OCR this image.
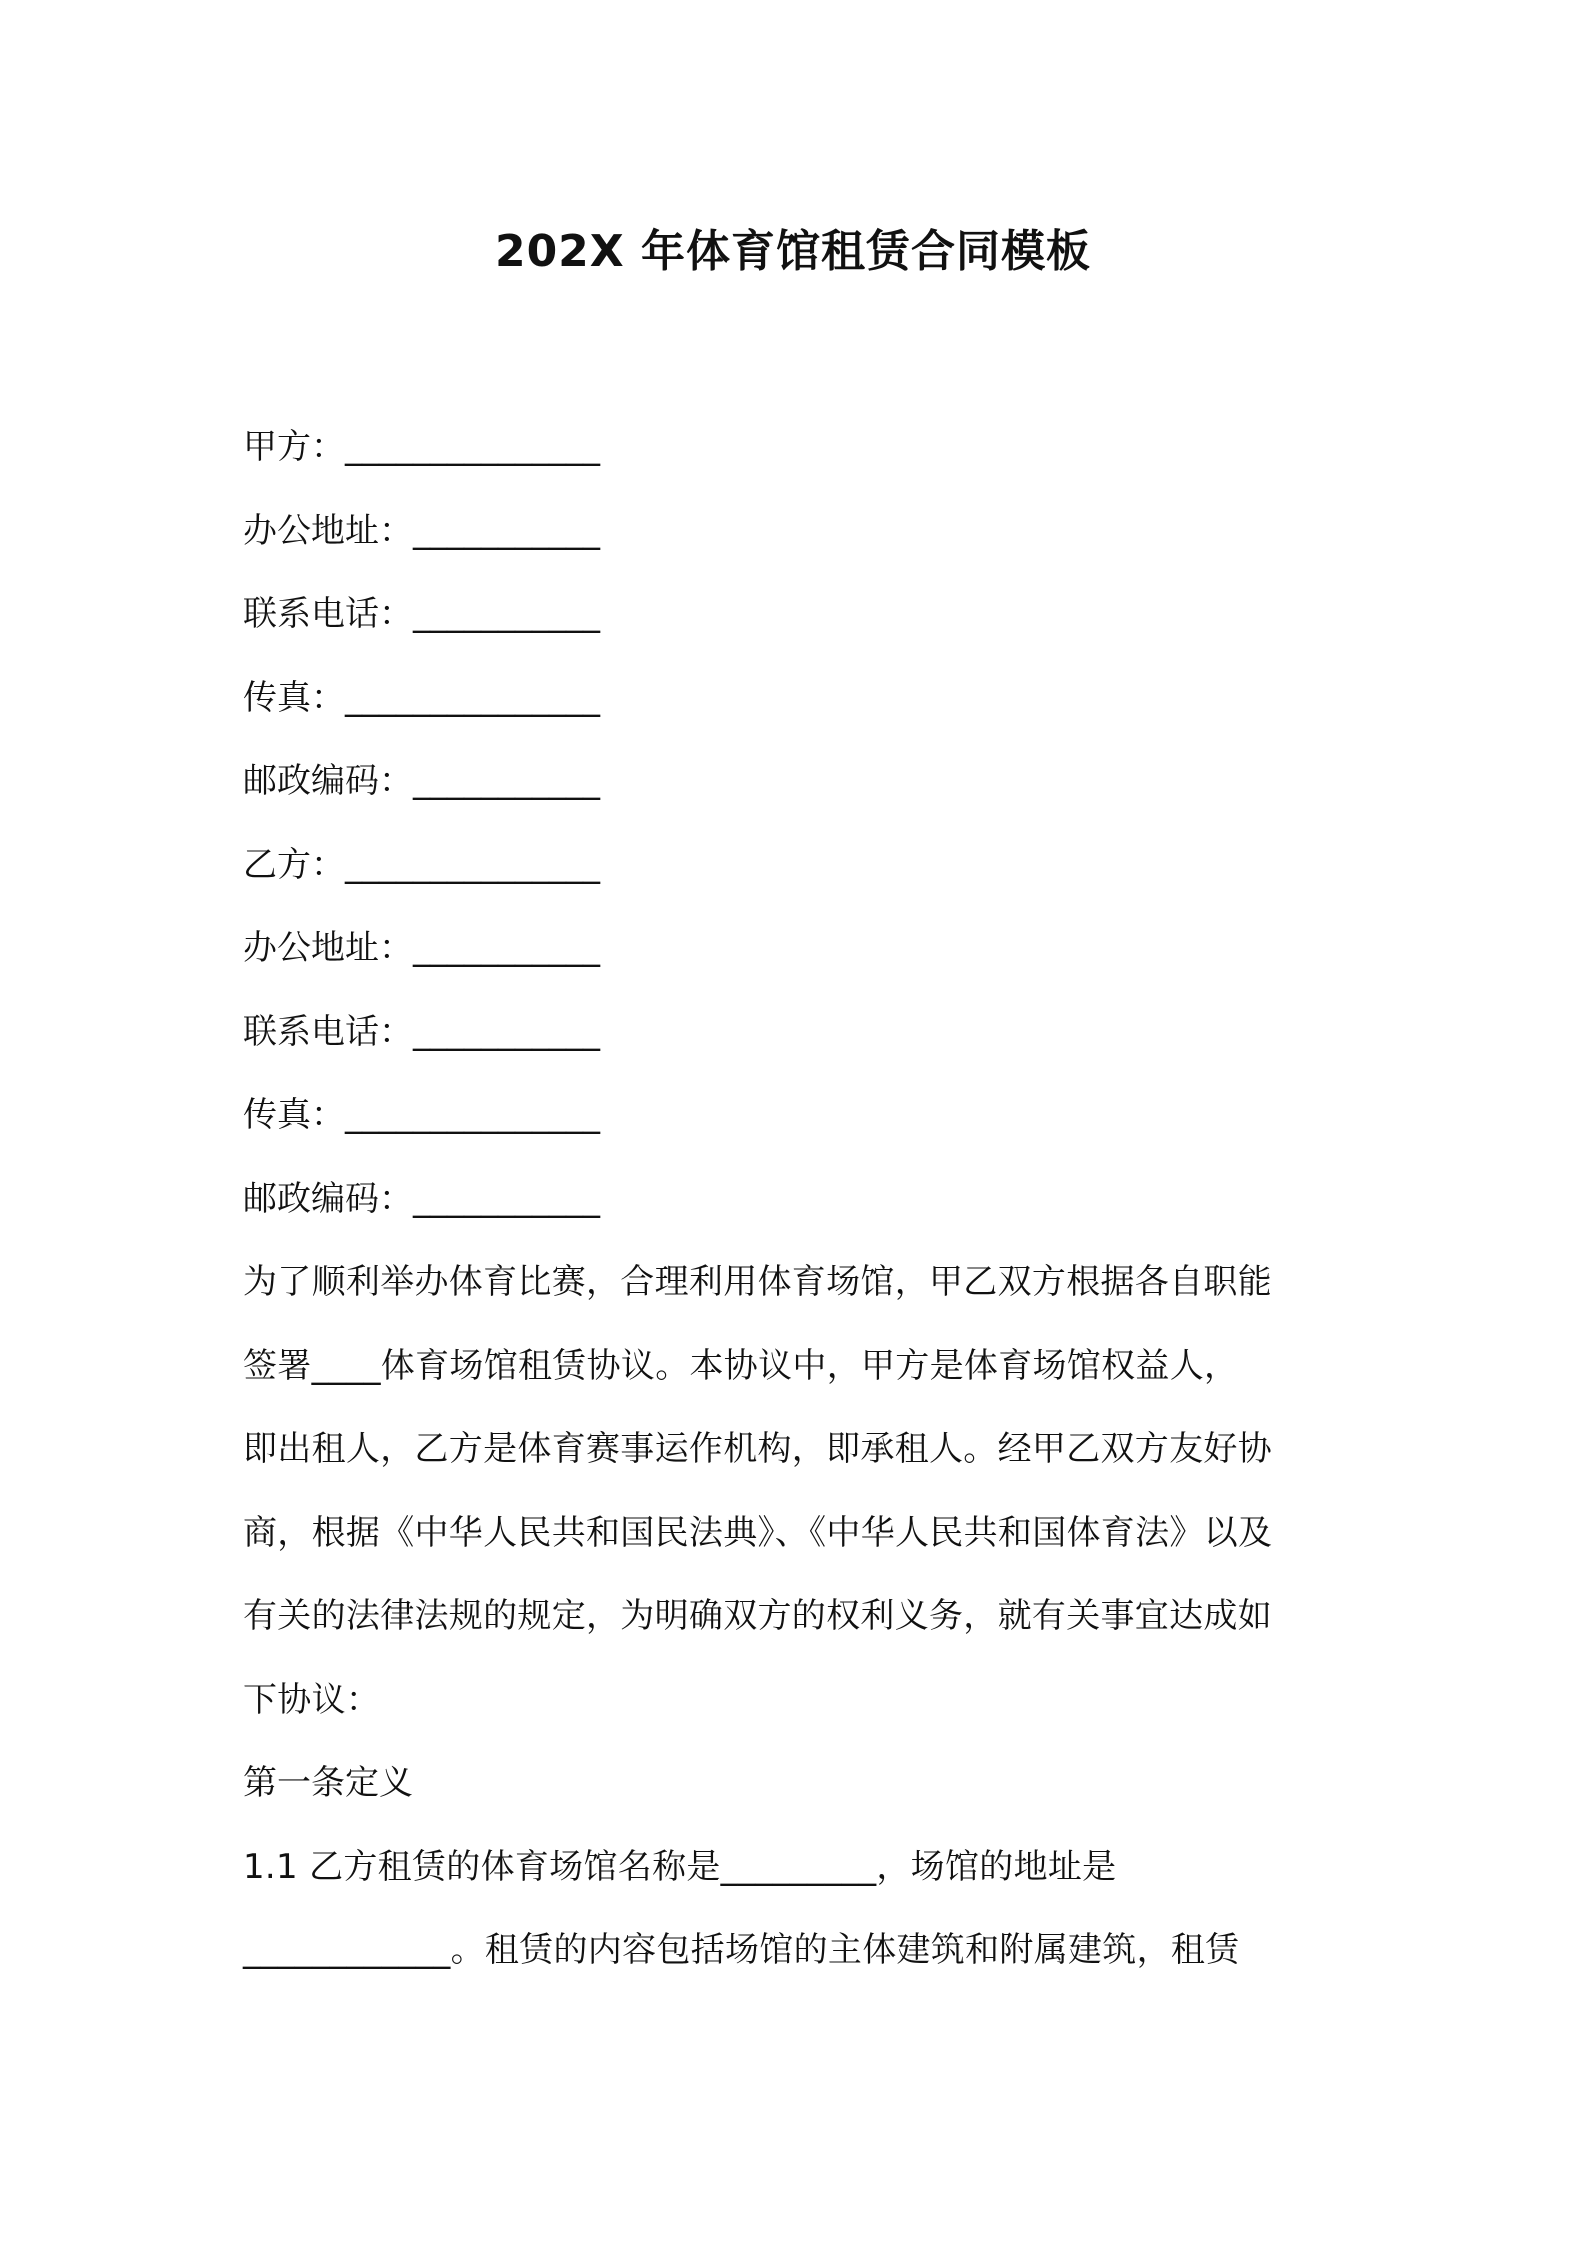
202X 年体育馆租赁合同模板
甲方：_______________
办公地址：___________
联系电话：___________
传真：_______________
邮政编码：___________
乙方：_______________
办公地址：___________
联系电话：___________
传真：_______________
邮政编码：___________
为了顺利举办体育比赛，合理利用体育场馆，甲乙双方根据各自职能
签署____体育场馆租赁协议。本协议中，甲方是体育场馆权益人，
即出租人，乙方是体育赛事运作机构，即承租人。经甲乙双方友好协
商，根据《中华人民共和国民法典》、《中华人民共和国体育法》以及
有关的法律法规的规定，为明确双方的权利义务，就有关事宜达成如
下协议：
第一条定义
1.1 乙方租赁的体育场馆名称是_________，场馆的地址是
____________。租赁的内容包括场馆的主体建筑和附属建筑，租赁
